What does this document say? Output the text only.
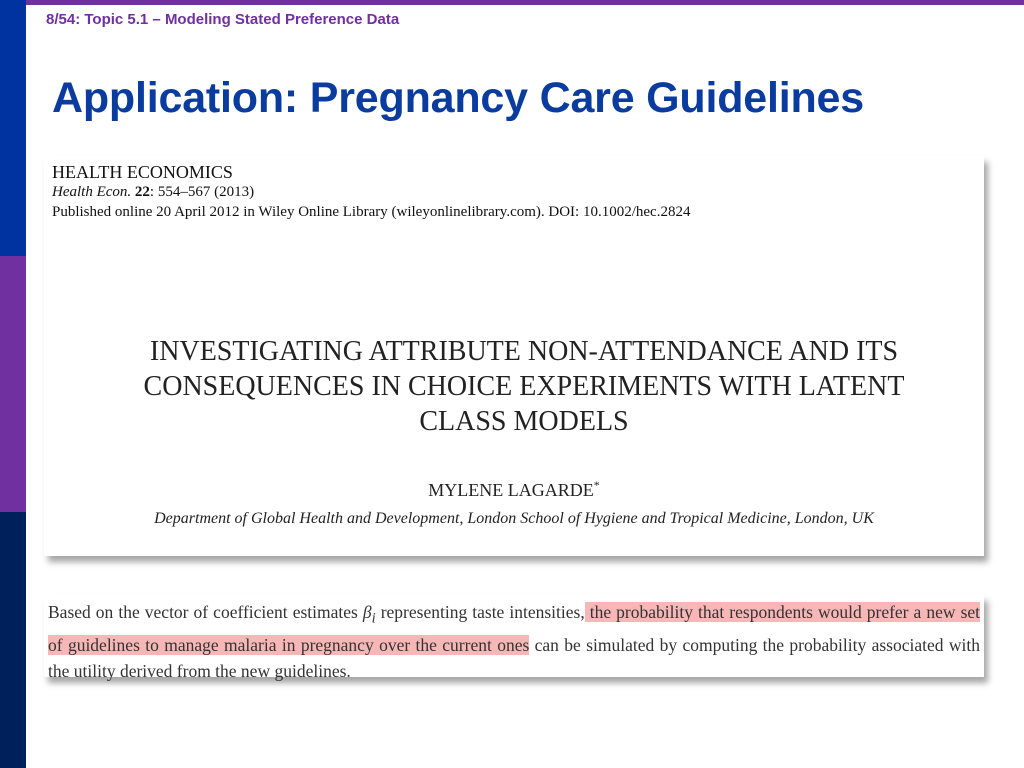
8/54: Topic 5.1 – Modeling Stated Preference Data
Application: Pregnancy Care Guidelines
HEALTH ECONOMICS
Health Econ. 22: 554–567 (2013)
Published online 20 April 2012 in Wiley Online Library (wileyonlinelibrary.com). DOI: 10.1002/hec.2824
INVESTIGATING ATTRIBUTE NON-ATTENDANCE AND ITS
CONSEQUENCES IN CHOICE EXPERIMENTS WITH LATENT
CLASS MODELS
MYLENE LAGARDE*
Department of Global Health and Development, London School of Hygiene and Tropical Medicine, London, UK

Based on the vector of coefficient estimates $\beta_i$ representing taste intensities, the probability that respondents would prefer a new set of guidelines to manage malaria in pregnancy over the current ones can be simulated by computing the probability associated with the utility derived from the new guidelines.
